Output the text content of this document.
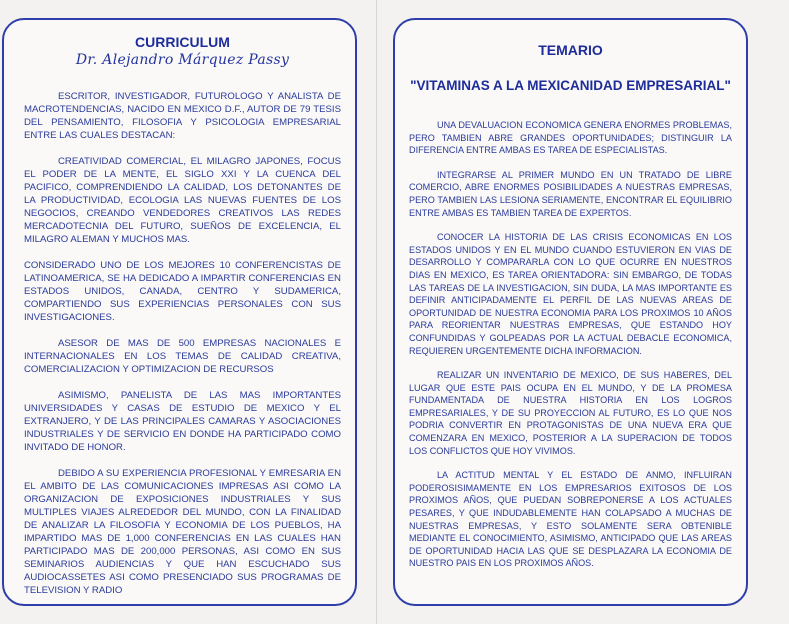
CURRICULUM
Dr. Alejandro Márquez Passy

ESCRITOR, INVESTIGADOR, FUTUROLOGO Y ANALISTA DE MACROTENDENCIAS, NACIDO EN MEXICO D.F., AUTOR DE 79 TESIS DEL PENSAMIENTO, FILOSOFIA Y PSICOLOGIA EMPRESARIAL ENTRE LAS CUALES DESTACAN:

CREATIVIDAD COMERCIAL, EL MILAGRO JAPONES, FOCUS EL PODER DE LA MENTE, EL SIGLO XXI Y LA CUENCA DEL PACIFICO, COMPRENDIENDO LA CALIDAD, LOS DETONANTES DE LA PRODUCTIVIDAD, ECOLOGIA LAS NUEVAS FUENTES DE LOS NEGOCIOS, CREANDO VENDEDORES CREATIVOS LAS REDES MERCADOTECNIA DEL FUTURO, SUEÑOS DE EXCELENCIA, EL MILAGRO ALEMAN Y MUCHOS MAS.

CONSIDERADO UNO DE LOS MEJORES 10 CONFERENCISTAS DE LATINOAMERICA, SE HA DEDICADO A IMPARTIR CONFERENCIAS EN ESTADOS UNIDOS, CANADA, CENTRO Y SUDAMERICA, COMPARTIENDO SUS EXPERIENCIAS PERSONALES CON SUS INVESTIGACIONES.

ASESOR DE MAS DE 500 EMPRESAS NACIONALES E INTERNACIONALES EN LOS TEMAS DE CALIDAD CREATIVA, COMERCIALIZACION Y OPTIMIZACION DE RECURSOS

ASIMISMO, PANELISTA DE LAS MAS IMPORTANTES UNIVERSIDADES Y CASAS DE ESTUDIO DE MEXICO Y EL EXTRANJERO, Y DE LAS PRINCIPALES CAMARAS Y ASOCIACIONES INDUSTRIALES Y DE SERVICIO EN DONDE HA PARTICIPADO COMO INVITADO DE HONOR.

DEBIDO A SU EXPERIENCIA PROFESIONAL Y EMRESARIA EN EL AMBITO DE LAS COMUNICACIONES IMPRESAS ASI COMO LA ORGANIZACION DE EXPOSICIONES INDUSTRIALES Y SUS MULTIPLES VIAJES ALREDEDOR DEL MUNDO, CON LA FINALIDAD DE ANALIZAR LA FILOSOFIA Y ECONOMIA DE LOS PUEBLOS, HA IMPARTIDO MAS DE 1,000 CONFERENCIAS EN LAS CUALES HAN PARTICIPADO MAS DE 200,000 PERSONAS, ASI COMO EN SUS SEMINARIOS AUDIENCIAS Y QUE HAN ESCUCHADO SUS AUDIOCASSETES ASI COMO PRESENCIADO SUS PROGRAMAS DE TELEVISION Y RADIO

TEMARIO
"VITAMINAS A LA MEXICANIDAD EMPRESARIAL"

UNA DEVALUACION ECONOMICA GENERA ENORMES PROBLEMAS, PERO TAMBIEN ABRE GRANDES OPORTUNIDADES; DISTINGUIR LA DIFERENCIA ENTRE AMBAS ES TAREA DE ESPECIALISTAS.

INTEGRARSE AL PRIMER MUNDO EN UN TRATADO DE LIBRE COMERCIO, ABRE ENORMES POSIBILIDADES A NUESTRAS EMPRESAS, PERO TAMBIEN LAS LESIONA SERIAMENTE, ENCONTRAR EL EQUILIBRIO ENTRE AMBAS ES TAMBIEN TAREA DE EXPERTOS.

CONOCER LA HISTORIA DE LAS CRISIS ECONOMICAS EN LOS ESTADOS UNIDOS Y EN EL MUNDO CUANDO ESTUVIERON EN VIAS DE DESARROLLO Y COMPARARLA CON LO QUE OCURRE EN NUESTROS DIAS EN MEXICO, ES TAREA ORIENTADORA: SIN EMBARGO, DE TODAS LAS TAREAS DE LA INVESTIGACION, SIN DUDA, LA MAS IMPORTANTE ES DEFINIR ANTICIPADAMENTE EL PERFIL DE LAS NUEVAS AREAS DE OPORTUNIDAD DE NUESTRA ECONOMIA PARA LOS PROXIMOS 10 AÑOS PARA REORIENTAR NUESTRAS EMPRESAS, QUE ESTANDO HOY CONFUNDIDAS Y GOLPEADAS POR LA ACTUAL DEBACLE ECONOMICA, REQUIEREN URGENTEMENTE DICHA INFORMACION.

REALIZAR UN INVENTARIO DE MEXICO, DE SUS HABERES, DEL LUGAR QUE ESTE PAIS OCUPA EN EL MUNDO, Y DE LA PROMESA FUNDAMENTADA DE NUESTRA HISTORIA EN LOS LOGROS EMPRESARIALES, Y DE SU PROYECCION AL FUTURO, ES LO QUE NOS PODRIA CONVERTIR EN PROTAGONISTAS DE UNA NUEVA ERA QUE COMENZARA EN MEXICO, POSTERIOR A LA SUPERACION DE TODOS LOS CONFLICTOS QUE HOY VIVIMOS.

LA ACTITUD MENTAL Y EL ESTADO DE ANMO, INFLUIRAN PODEROSISIMAMENTE EN LOS EMPRESARIOS EXITOSOS DE LOS PROXIMOS AÑOS, QUE PUEDAN SOBREPONERSE A LOS ACTUALES PESARES, Y QUE INDUDABLEMENTE HAN COLAPSADO A MUCHAS DE NUESTRAS EMPRESAS, Y ESTO SOLAMENTE SERA OBTENIBLE MEDIANTE EL CONOCIMIENTO, ASIMISMO, ANTICIPADO QUE LAS AREAS DE OPORTUNIDAD HACIA LAS QUE SE DESPLAZARA LA ECONOMIA DE NUESTRO PAIS EN LOS PROXIMOS AÑOS.
